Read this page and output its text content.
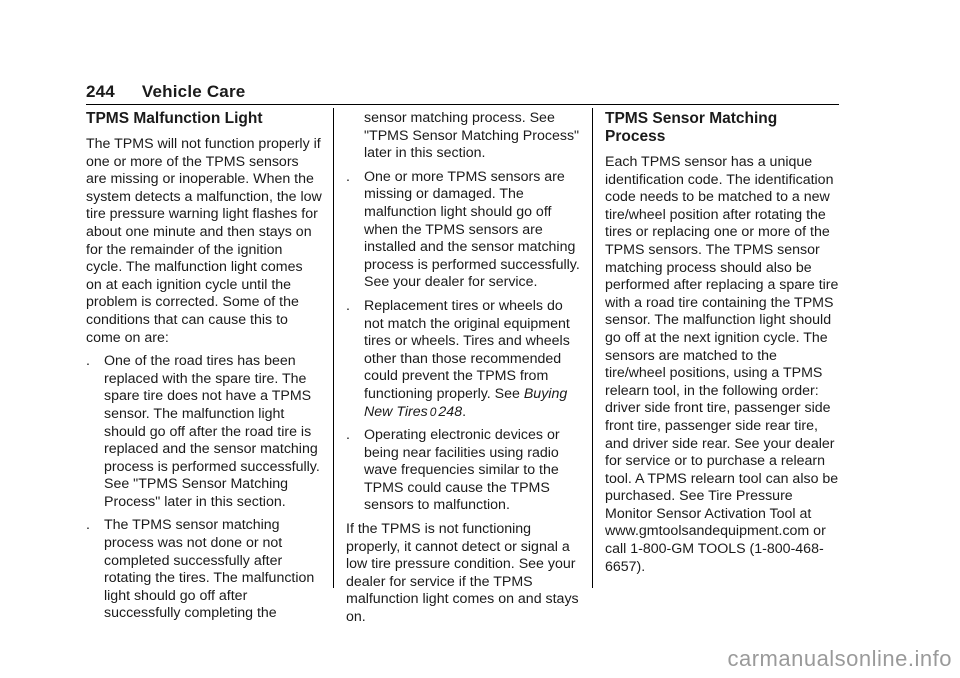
244 Vehicle Care
TPMS Malfunction Light

The TPMS will not function properly if one or more of the TPMS sensors are missing or inoperable. When the system detects a malfunction, the low tire pressure warning light flashes for about one minute and then stays on for the remainder of the ignition cycle. The malfunction light comes on at each ignition cycle until the problem is corrected. Some of the conditions that can cause this to come on are:

. One of the road tires has been replaced with the spare tire. The spare tire does not have a TPMS sensor. The malfunction light should go off after the road tire is replaced and the sensor matching process is performed successfully. See "TPMS Sensor Matching Process" later in this section.
. The TPMS sensor matching process was not done or not completed successfully after rotating the tires. The malfunction light should go off after successfully completing the
sensor matching process. See "TPMS Sensor Matching Process" later in this section.
. One or more TPMS sensors are missing or damaged. The malfunction light should go off when the TPMS sensors are installed and the sensor matching process is performed successfully. See your dealer for service.
. Replacement tires or wheels do not match the original equipment tires or wheels. Tires and wheels other than those recommended could prevent the TPMS from functioning properly. See Buying New Tires 0 248.
. Operating electronic devices or being near facilities using radio wave frequencies similar to the TPMS could cause the TPMS sensors to malfunction.

If the TPMS is not functioning properly, it cannot detect or signal a low tire pressure condition. See your dealer for service if the TPMS malfunction light comes on and stays on.

TPMS Sensor Matching Process

Each TPMS sensor has a unique identification code. The identification code needs to be matched to a new tire/wheel position after rotating the tires or replacing one or more of the TPMS sensors. The TPMS sensor matching process should also be performed after replacing a spare tire with a road tire containing the TPMS sensor. The malfunction light should go off at the next ignition cycle. The sensors are matched to the tire/wheel positions, using a TPMS relearn tool, in the following order: driver side front tire, passenger side front tire, passenger side rear tire, and driver side rear. See your dealer for service or to purchase a relearn tool. A TPMS relearn tool can also be purchased. See Tire Pressure Monitor Sensor Activation Tool at www.gmtoolsandequipment.com or call 1-800-GM TOOLS (1-800-468-6657).

carmanualsonline.info
